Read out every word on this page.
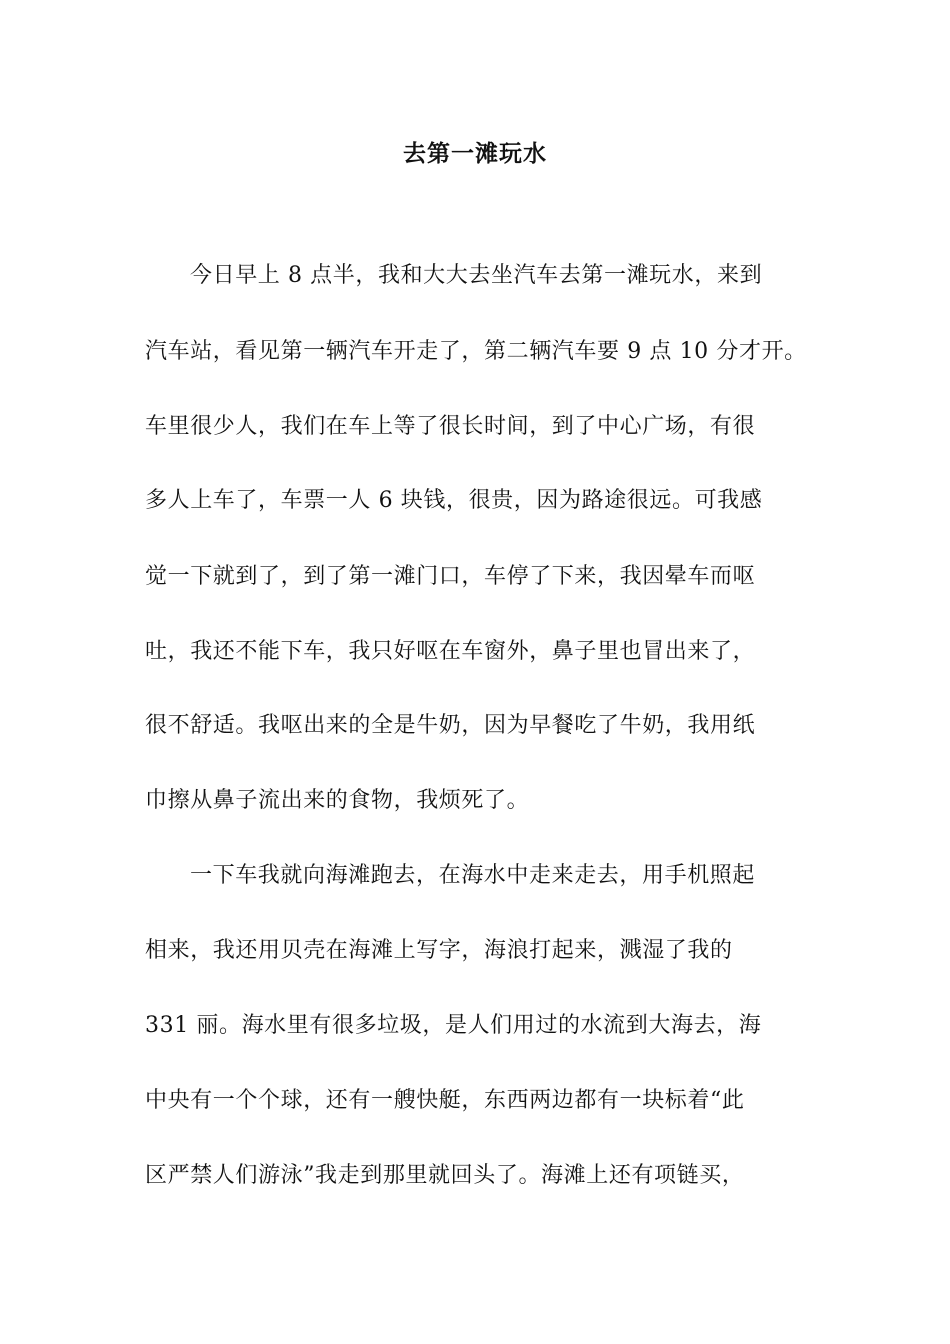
去第一滩玩水

今日早上 8 点半，我和大大去坐汽车去第一滩玩水，来到

汽车站，看见第一辆汽车开走了，第二辆汽车要 9 点 10 分才开。

车里很少人，我们在车上等了很长时间，到了中心广场，有很

多人上车了，车票一人 6 块钱，很贵，因为路途很远。可我感

觉一下就到了，到了第一滩门口，车停了下来，我因晕车而呕

吐，我还不能下车，我只好呕在车窗外，鼻子里也冒出来了，

很不舒适。我呕出来的全是牛奶，因为早餐吃了牛奶，我用纸

巾擦从鼻子流出来的食物，我烦死了。

一下车我就向海滩跑去，在海水中走来走去，用手机照起

相来，我还用贝壳在海滩上写字，海浪打起来，溅湿了我的

331 丽。海水里有很多垃圾，是人们用过的水流到大海去，海

中央有一个个球，还有一艘快艇，东西两边都有一块标着“此

区严禁人们游泳”我走到那里就回头了。海滩上还有项链买，
